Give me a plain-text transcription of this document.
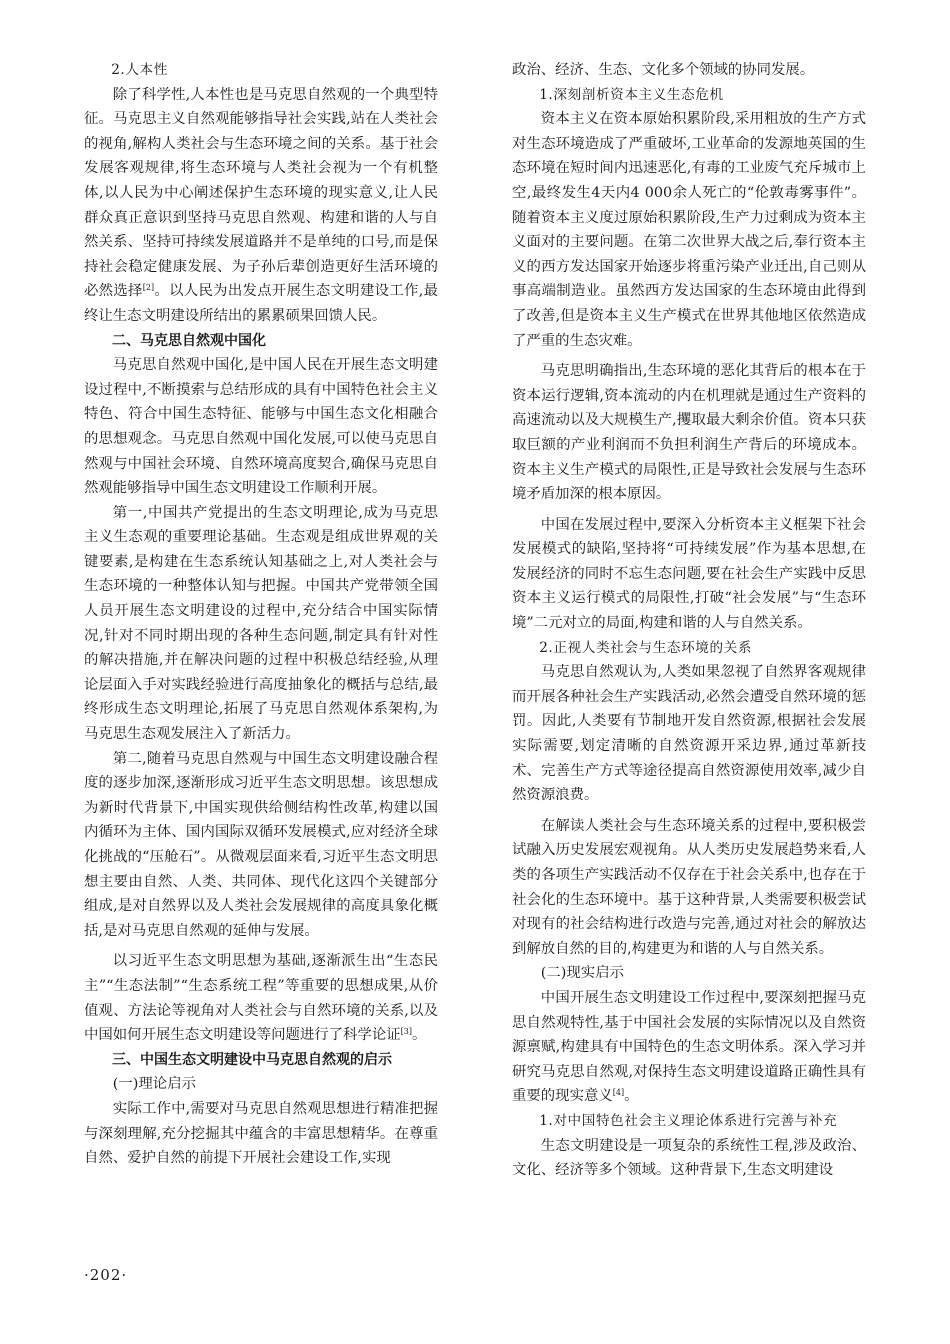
2.人本性

除了科学性,人本性也是马克思自然观的一个典型特征。马克思主义自然观能够指导社会实践,站在人类社会的视角,解构人类社会与生态环境之间的关系。基于社会发展客观规律,将生态环境与人类社会视为一个有机整体,以人民为中心阐述保护生态环境的现实意义,让人民群众真正意识到坚持马克思自然观、构建和谐的人与自然关系、坚持可持续发展道路并不是单纯的口号,而是保持社会稳定健康发展、为子孙后辈创造更好生活环境的必然选择[2]。以人民为出发点开展生态文明建设工作,最终让生态文明建设所结出的累累硕果回馈人民。

二、马克思自然观中国化

马克思自然观中国化,是中国人民在开展生态文明建设过程中,不断摸索与总结形成的具有中国特色社会主义特色、符合中国生态特征、能够与中国生态文化相融合的思想观念。马克思自然观中国化发展,可以使马克思自然观与中国社会环境、自然环境高度契合,确保马克思自然观能够指导中国生态文明建设工作顺利开展。

第一,中国共产党提出的生态文明理论,成为马克思主义生态观的重要理论基础。生态观是组成世界观的关键要素,是构建在生态系统认知基础之上,对人类社会与生态环境的一种整体认知与把握。中国共产党带领全国人员开展生态文明建设的过程中,充分结合中国实际情况,针对不同时期出现的各种生态问题,制定具有针对性的解决措施,并在解决问题的过程中积极总结经验,从理论层面入手对实践经验进行高度抽象化的概括与总结,最终形成生态文明理论,拓展了马克思自然观体系架构,为马克思生态观发展注入了新活力。

第二,随着马克思自然观与中国生态文明建设融合程度的逐步加深,逐渐形成习近平生态文明思想。该思想成为新时代背景下,中国实现供给侧结构性改革,构建以国内循环为主体、国内国际双循环发展模式,应对经济全球化挑战的“压舱石”。从微观层面来看,习近平生态文明思想主要由自然、人类、共同体、现代化这四个关键部分组成,是对自然界以及人类社会发展规律的高度具象化概括,是对马克思自然观的延伸与发展。

以习近平生态文明思想为基础,逐渐派生出“生态民主”“生态法制”“生态系统工程”等重要的思想成果,从价值观、方法论等视角对人类社会与自然环境的关系,以及中国如何开展生态文明建设等问题进行了科学论证[3]。

三、中国生态文明建设中马克思自然观的启示

(一)理论启示

实际工作中,需要对马克思自然观思想进行精准把握与深刻理解,充分挖掘其中蕴含的丰富思想精华。在尊重自然、爱护自然的前提下开展社会建设工作,实现

政治、经济、生态、文化多个领域的协同发展。

1.深刻剖析资本主义生态危机

资本主义在资本原始积累阶段,采用粗放的生产方式对生态环境造成了严重破坏,工业革命的发源地英国的生态环境在短时间内迅速恶化,有毒的工业废气充斥城市上空,最终发生4天内4 000余人死亡的“伦敦毒雾事件”。随着资本主义度过原始积累阶段,生产力过剩成为资本主义面对的主要问题。在第二次世界大战之后,奉行资本主义的西方发达国家开始逐步将重污染产业迁出,自己则从事高端制造业。虽然西方发达国家的生态环境由此得到了改善,但是资本主义生产模式在世界其他地区依然造成了严重的生态灾难。

马克思明确指出,生态环境的恶化其背后的根本在于资本运行逻辑,资本流动的内在机理就是通过生产资料的高速流动以及大规模生产,攫取最大剩余价值。资本只获取巨额的产业利润而不负担利润生产背后的环境成本。资本主义生产模式的局限性,正是导致社会发展与生态环境矛盾加深的根本原因。

中国在发展过程中,要深入分析资本主义框架下社会发展模式的缺陷,坚持将“可持续发展”作为基本思想,在发展经济的同时不忘生态问题,要在社会生产实践中反思资本主义运行模式的局限性,打破“社会发展”与“生态环境”二元对立的局面,构建和谐的人与自然关系。

2.正视人类社会与生态环境的关系

马克思自然观认为,人类如果忽视了自然界客观规律而开展各种社会生产实践活动,必然会遭受自然环境的惩罚。因此,人类要有节制地开发自然资源,根据社会发展实际需要,划定清晰的自然资源开采边界,通过革新技术、完善生产方式等途径提高自然资源使用效率,减少自然资源浪费。

在解读人类社会与生态环境关系的过程中,要积极尝试融入历史发展宏观视角。从人类历史发展趋势来看,人类的各项生产实践活动不仅存在于社会关系中,也存在于社会化的生态环境中。基于这种背景,人类需要积极尝试对现有的社会结构进行改造与完善,通过对社会的解放达到解放自然的目的,构建更为和谐的人与自然关系。

(二)现实启示

中国开展生态文明建设工作过程中,要深刻把握马克思自然观特性,基于中国社会发展的实际情况以及自然资源禀赋,构建具有中国特色的生态文明体系。深入学习并研究马克思自然观,对保持生态文明建设道路正确性具有重要的现实意义[4]。

1.对中国特色社会主义理论体系进行完善与补充

生态文明建设是一项复杂的系统性工程,涉及政治、文化、经济等多个领域。这种背景下,生态文明建设

·202·
